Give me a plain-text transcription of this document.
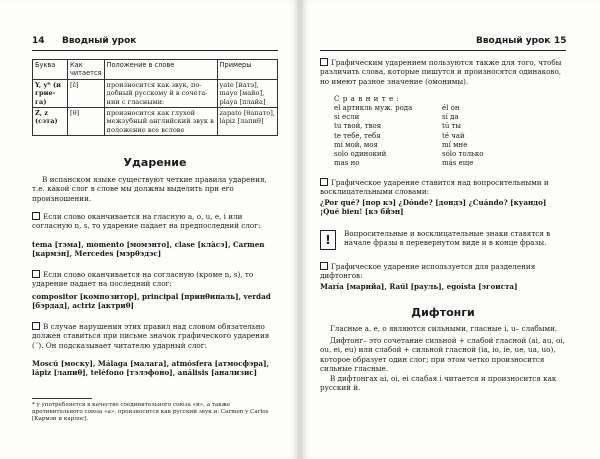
14 Вводный урок
Буква	Как читается	Положение в слове	Примеры
Y, y* (и грие-га)	[ɛ̌]	произносится как звук, по-добный русскому й в сочета-нии с гласными:	yate [йатэ], mayo [майо], playa [плайа]
Z, z (сэта)	[θ]	произносится как глухой межзубный английский звук в положение все вслове	zapato [θапато], lápiz [лапиθ]
Ударение
В испанском языке существуют четкие правила ударения, т.е. какой слог в слове мы должны выделить при его произношении.
Если слово оканчивается на гласную a, o, u, e, i или согласную n, s, то ударение падает на предпоследний слог:
tema [тэма], momento [момэнто], clase [кла̀сэ], Carmen [кармэн], Mercedes [мэрθэдэс]
Если слово оканчивается на согласную (кроме n, s), то ударение падает на последний слог:
compositor [композитор], principal [принθипаль], verdad [бэрдад], actriz [актриθ]
В случае нарушения этих правил над словом обязательно должен ставиться при письме значок графического ударения (´). Он подсказывает читателю ударный слог:
Moscú [моску], Málaga [малага], atmósfera [атмосфэра], lápiz [лапиθ], teléfono [тэлэфоно], análisis [анализис]
* y употребляется в качестве соединительного союза «и», а также противительного союза «а», произносится как русский звук и: Carmen y Carlos [Кармэн и карлос].
Вводный урок 15
Графическим ударением пользуются также для того, чтобы различить слова, которые пишутся и произносятся одинаково, но имеют разное значение (омонимы).
С р а в н и т е :
el артикль муж. рода	él он
si если	sí да
tu твой, твоя	tú ты
te тебе, тебя	té чай
mi мой, моя	mí мне
solo одинокий	sólo только
mas но	más еще
Графическое ударение ставится над вопросительными и восклицательными словами:
¿Por qué? [пор кэ] ¿Dónde? [дондэ] ¿Cuándo? [куандо] ¡Qué bien! [кэ бйэн]
!	Вопросительные и восклицательные знаки ставятся в начале фразы в перевернутом виде и в конце фразы.
Графическое ударение используется для разделения дифтонгов:
María [марийа], Raúl [рауль], egoísta [эгоиста]
Дифтонги
Гласные a, e, o являются сильными, гласные i, u– слабыми.
Дифтонг– это сочетание сильной + слабой гласной (ai, au, oi, ou, ei, eu) или слабой + сильной гласной (ia, io, ie, ue, ua, uo), которое образует один слог; при этом четко произносится сильные гласные.
В дифтонгах ai, oi, ei слабая i читается и произносится как русский й.
